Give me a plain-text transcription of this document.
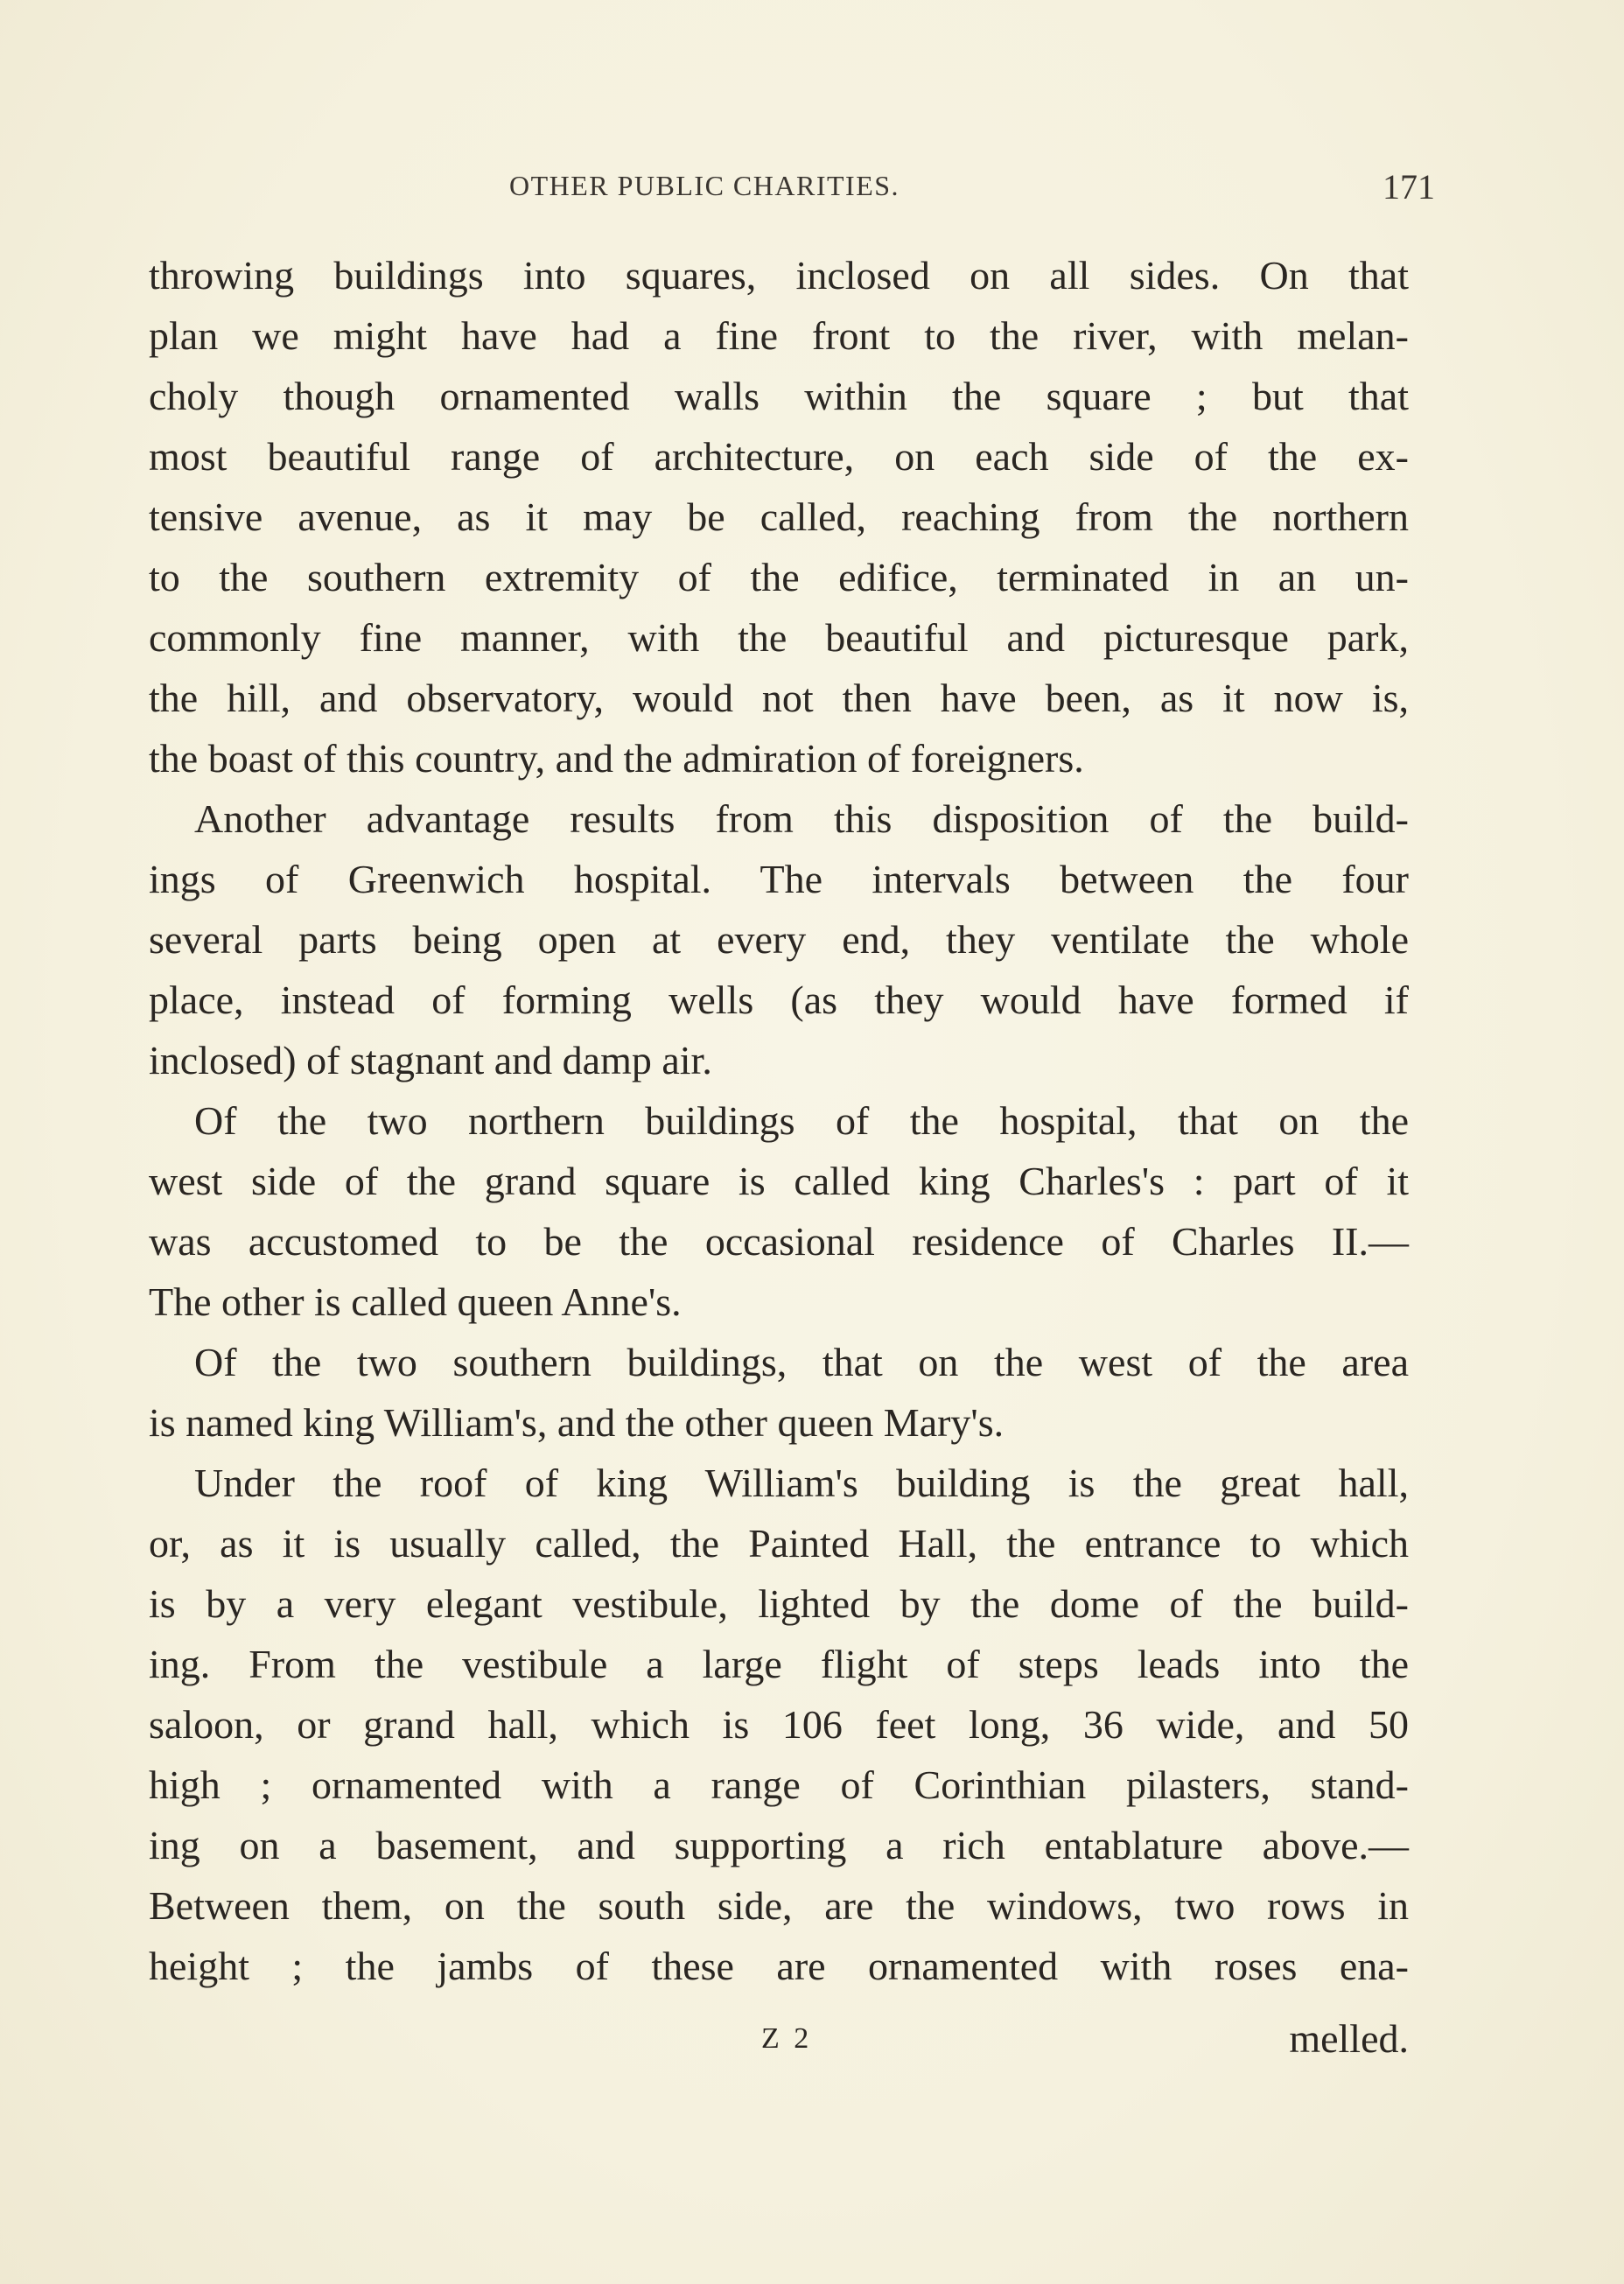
OTHER PUBLIC CHARITIES.	171
throwing buildings into squares, inclosed on all sides. On that
plan we might have had a fine front to the river, with melan-
choly though ornamented walls within the square ; but that
most beautiful range of architecture, on each side of the ex-
tensive avenue, as it may be called, reaching from the northern
to the southern extremity of the edifice, terminated in an un-
commonly fine manner, with the beautiful and picturesque park,
the hill, and observatory, would not then have been, as it now is,
the boast of this country, and the admiration of foreigners.
Another advantage results from this disposition of the build-
ings of Greenwich hospital. The intervals between the four
several parts being open at every end, they ventilate the whole
place, instead of forming wells (as they would have formed if
inclosed) of stagnant and damp air.
Of the two northern buildings of the hospital, that on the
west side of the grand square is called king Charles's : part of it
was accustomed to be the occasional residence of Charles II.—
The other is called queen Anne's.
Of the two southern buildings, that on the west of the area
is named king William's, and the other queen Mary's.
Under the roof of king William's building is the great hall,
or, as it is usually called, the Painted Hall, the entrance to which
is by a very elegant vestibule, lighted by the dome of the build-
ing. From the vestibule a large flight of steps leads into the
saloon, or grand hall, which is 106 feet long, 36 wide, and 50
high ; ornamented with a range of Corinthian pilasters, stand-
ing on a basement, and supporting a rich entablature above.—
Between them, on the south side, are the windows, two rows in
height ; the jambs of these are ornamented with roses ena-
Z 2	melled.
